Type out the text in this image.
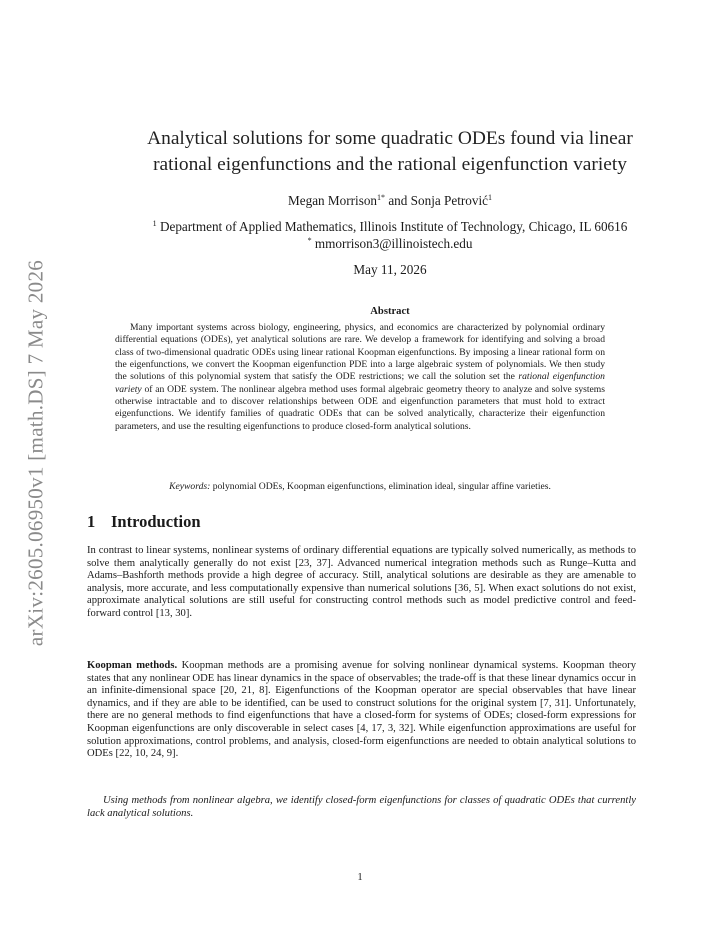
arXiv:2605.06950v1 [math.DS] 7 May 2026
Analytical solutions for some quadratic ODEs found via linear
rational eigenfunctions and the rational eigenfunction variety
Megan Morrison$^{1*}$ and Sonja Petrović$^1$
$^1$ Department of Applied Mathematics, Illinois Institute of Technology, Chicago, IL 60616
* mmorrison3@illinoistech.edu
May 11, 2026
Abstract
Many important systems across biology, engineering, physics, and economics are characterized by polynomial ordinary differential equations (ODEs), yet analytical solutions are rare. We develop a framework for identifying and solving a broad class of two-dimensional quadratic ODEs using linear rational Koopman eigenfunctions. By imposing a linear rational form on the eigenfunctions, we convert the Koopman eigenfunction PDE into a large algebraic system of polynomials. We then study the solutions of this polynomial system that satisfy the ODE restrictions; we call the solution set the rational eigenfunction variety of an ODE system. The nonlinear algebra method uses formal algebraic geometry theory to analyze and solve systems otherwise intractable and to discover relationships between ODE and eigenfunction parameters that must hold to extract eigenfunctions. We identify families of quadratic ODEs that can be solved analytically, characterize their eigenfunction parameters, and use the resulting eigenfunctions to produce closed-form analytical solutions.
Keywords: polynomial ODEs, Koopman eigenfunctions, elimination ideal, singular affine varieties.
1 Introduction
In contrast to linear systems, nonlinear systems of ordinary differential equations are typically solved numerically, as methods to solve them analytically generally do not exist [23, 37]. Advanced numerical integration methods such as Runge–Kutta and Adams–Bashforth methods provide a high degree of accuracy. Still, analytical solutions are desirable as they are amenable to analysis, more accurate, and less computationally expensive than numerical solutions [36, 5]. When exact solutions do not exist, approximate analytical solutions are still useful for constructing control methods such as model predictive control and feed-forward control [13, 30].
Koopman methods. Koopman methods are a promising avenue for solving nonlinear dynamical systems. Koopman theory states that any nonlinear ODE has linear dynamics in the space of observables; the trade-off is that these linear dynamics occur in an infinite-dimensional space [20, 21, 8]. Eigenfunctions of the Koopman operator are special observables that have linear dynamics, and if they are able to be identified, can be used to construct solutions for the original system [7, 31]. Unfortunately, there are no general methods to find eigenfunctions that have a closed-form for systems of ODEs; closed-form expressions for Koopman eigenfunctions are only discoverable in select cases [4, 17, 3, 32]. While eigenfunction approximations are useful for solution approximations, control problems, and analysis, closed-form eigenfunctions are needed to obtain analytical solutions to ODEs [22, 10, 24, 9].
Using methods from nonlinear algebra, we identify closed-form eigenfunctions for classes of quadratic ODEs that currently lack analytical solutions.
1
